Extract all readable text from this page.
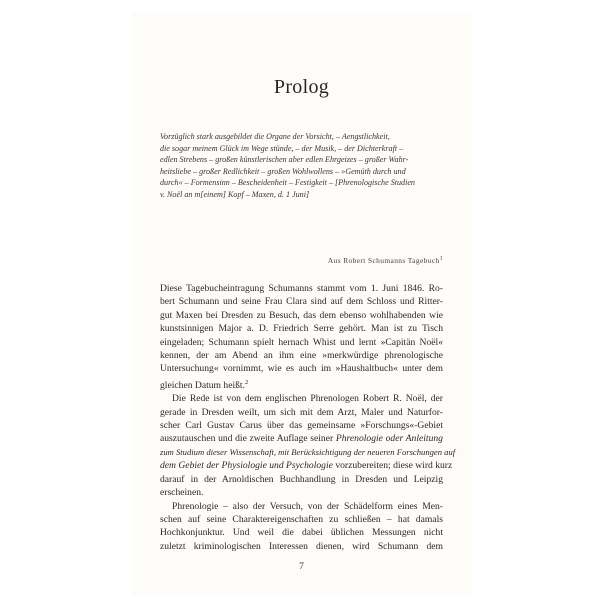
Prolog
Vorzüglich stark ausgebildet die Organe der Vorsicht, – Aengstlichkeit,
die sogar meinem Glück im Wege stünde, – der Musik, – der Dichterkraft –
edlen Strebens – großen künstlerischen aber edlen Ehrgeizes – großer Wahr-
heitsliebe – großer Redlichkeit – großen Wohlwollens – »Gemüth durch und
durch« – Formensinn – Bescheidenheit – Festigkeit – [Phrenologische Studien
v. Noël an m[einem] Kopf – Maxen, d. 1 Juni]
Aus Robert Schumanns Tagebuch$^1$
Diese Tagebucheintragung Schumanns stammt vom 1. Juni 1846. Ro-
bert Schumann und seine Frau Clara sind auf dem Schloss und Ritter-
gut Maxen bei Dresden zu Besuch, das dem ebenso wohlhabenden wie
kunstsinnigen Major a. D. Friedrich Serre gehört. Man ist zu Tisch
eingeladen; Schumann spielt hernach Whist und lernt »Capitän Noël«
kennen, der am Abend an ihm eine »merkwürdige phrenologische
Untersuchung« vornimmt, wie es auch im »Haushaltbuch« unter dem
gleichen Datum heißt.$^2$
Die Rede ist von dem englischen Phrenologen Robert R. Noël, der
gerade in Dresden weilt, um sich mit dem Arzt, Maler und Naturfor-
scher Carl Gustav Carus über das gemeinsame »Forschungs«-Gebiet
auszutauschen und die zweite Auflage seiner Phrenologie oder Anleitung
zum Studium dieser Wissenschaft, mit Berücksichtigung der neueren Forschungen auf
dem Gebiet der Physiologie und Psychologie vorzubereiten; diese wird kurz
darauf in der Arnoldischen Buchhandlung in Dresden und Leipzig
erscheinen.
Phrenologie – also der Versuch, von der Schädelform eines Men-
schen auf seine Charaktereigenschaften zu schließen – hat damals
Hochkonjunktur. Und weil die dabei üblichen Messungen nicht
zuletzt kriminologischen Interessen dienen, wird Schumann dem
7
